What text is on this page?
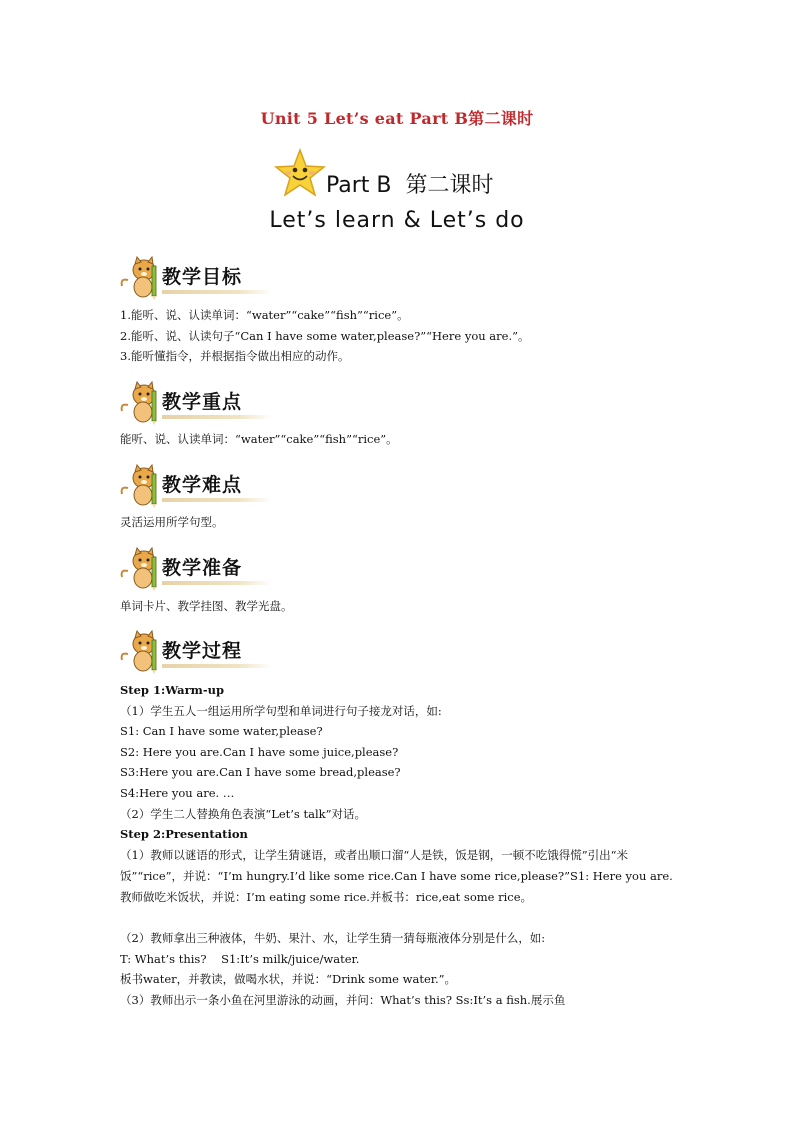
Unit 5 Let’s eat Part B第二课时
Part B  第二课时
Let’s learn & Let’s do
教学目标
1.能听、说、认读单词：“water”“cake”“fish”“rice”。
2.能听、说、认读句子“Can I have some water,please?”“Here you are.”。
3.能听懂指令，并根据指令做出相应的动作。
教学重点
能听、说、认读单词：“water”“cake”“fish”“rice”。
教学难点
灵活运用所学句型。
教学准备
单词卡片、教学挂图、教学光盘。
教学过程
Step 1:Warm-up
（1）学生五人一组运用所学句型和单词进行句子接龙对话，如:
S1: Can I have some water,please?
S2: Here you are.Can I have some juice,please?
S3:Here you are.Can I have some bread,please?
S4:Here you are. …
（2）学生二人替换角色表演“Let’s talk”对话。
Step 2:Presentation
（1）教师以谜语的形式，让学生猜谜语，或者出顺口溜“人是铁，饭是钢，一顿不吃饿得慌”引出“米饭”“rice”，并说：“I’m hungry.I’d like some rice.Can I have some rice,please?”S1: Here you are.教师做吃米饭状，并说：I’m eating some rice.并板书：rice,eat some rice。
（2）教师拿出三种液体，牛奶、果汁、水，让学生猜一猜每瓶液体分别是什么，如:
T: What’s this?    S1:It’s milk/juice/water.
板书water，并教读，做喝水状，并说：“Drink some water.”。
（3）教师出示一条小鱼在河里游泳的动画，并问：What’s this? Ss:It’s a fish.展示鱼
